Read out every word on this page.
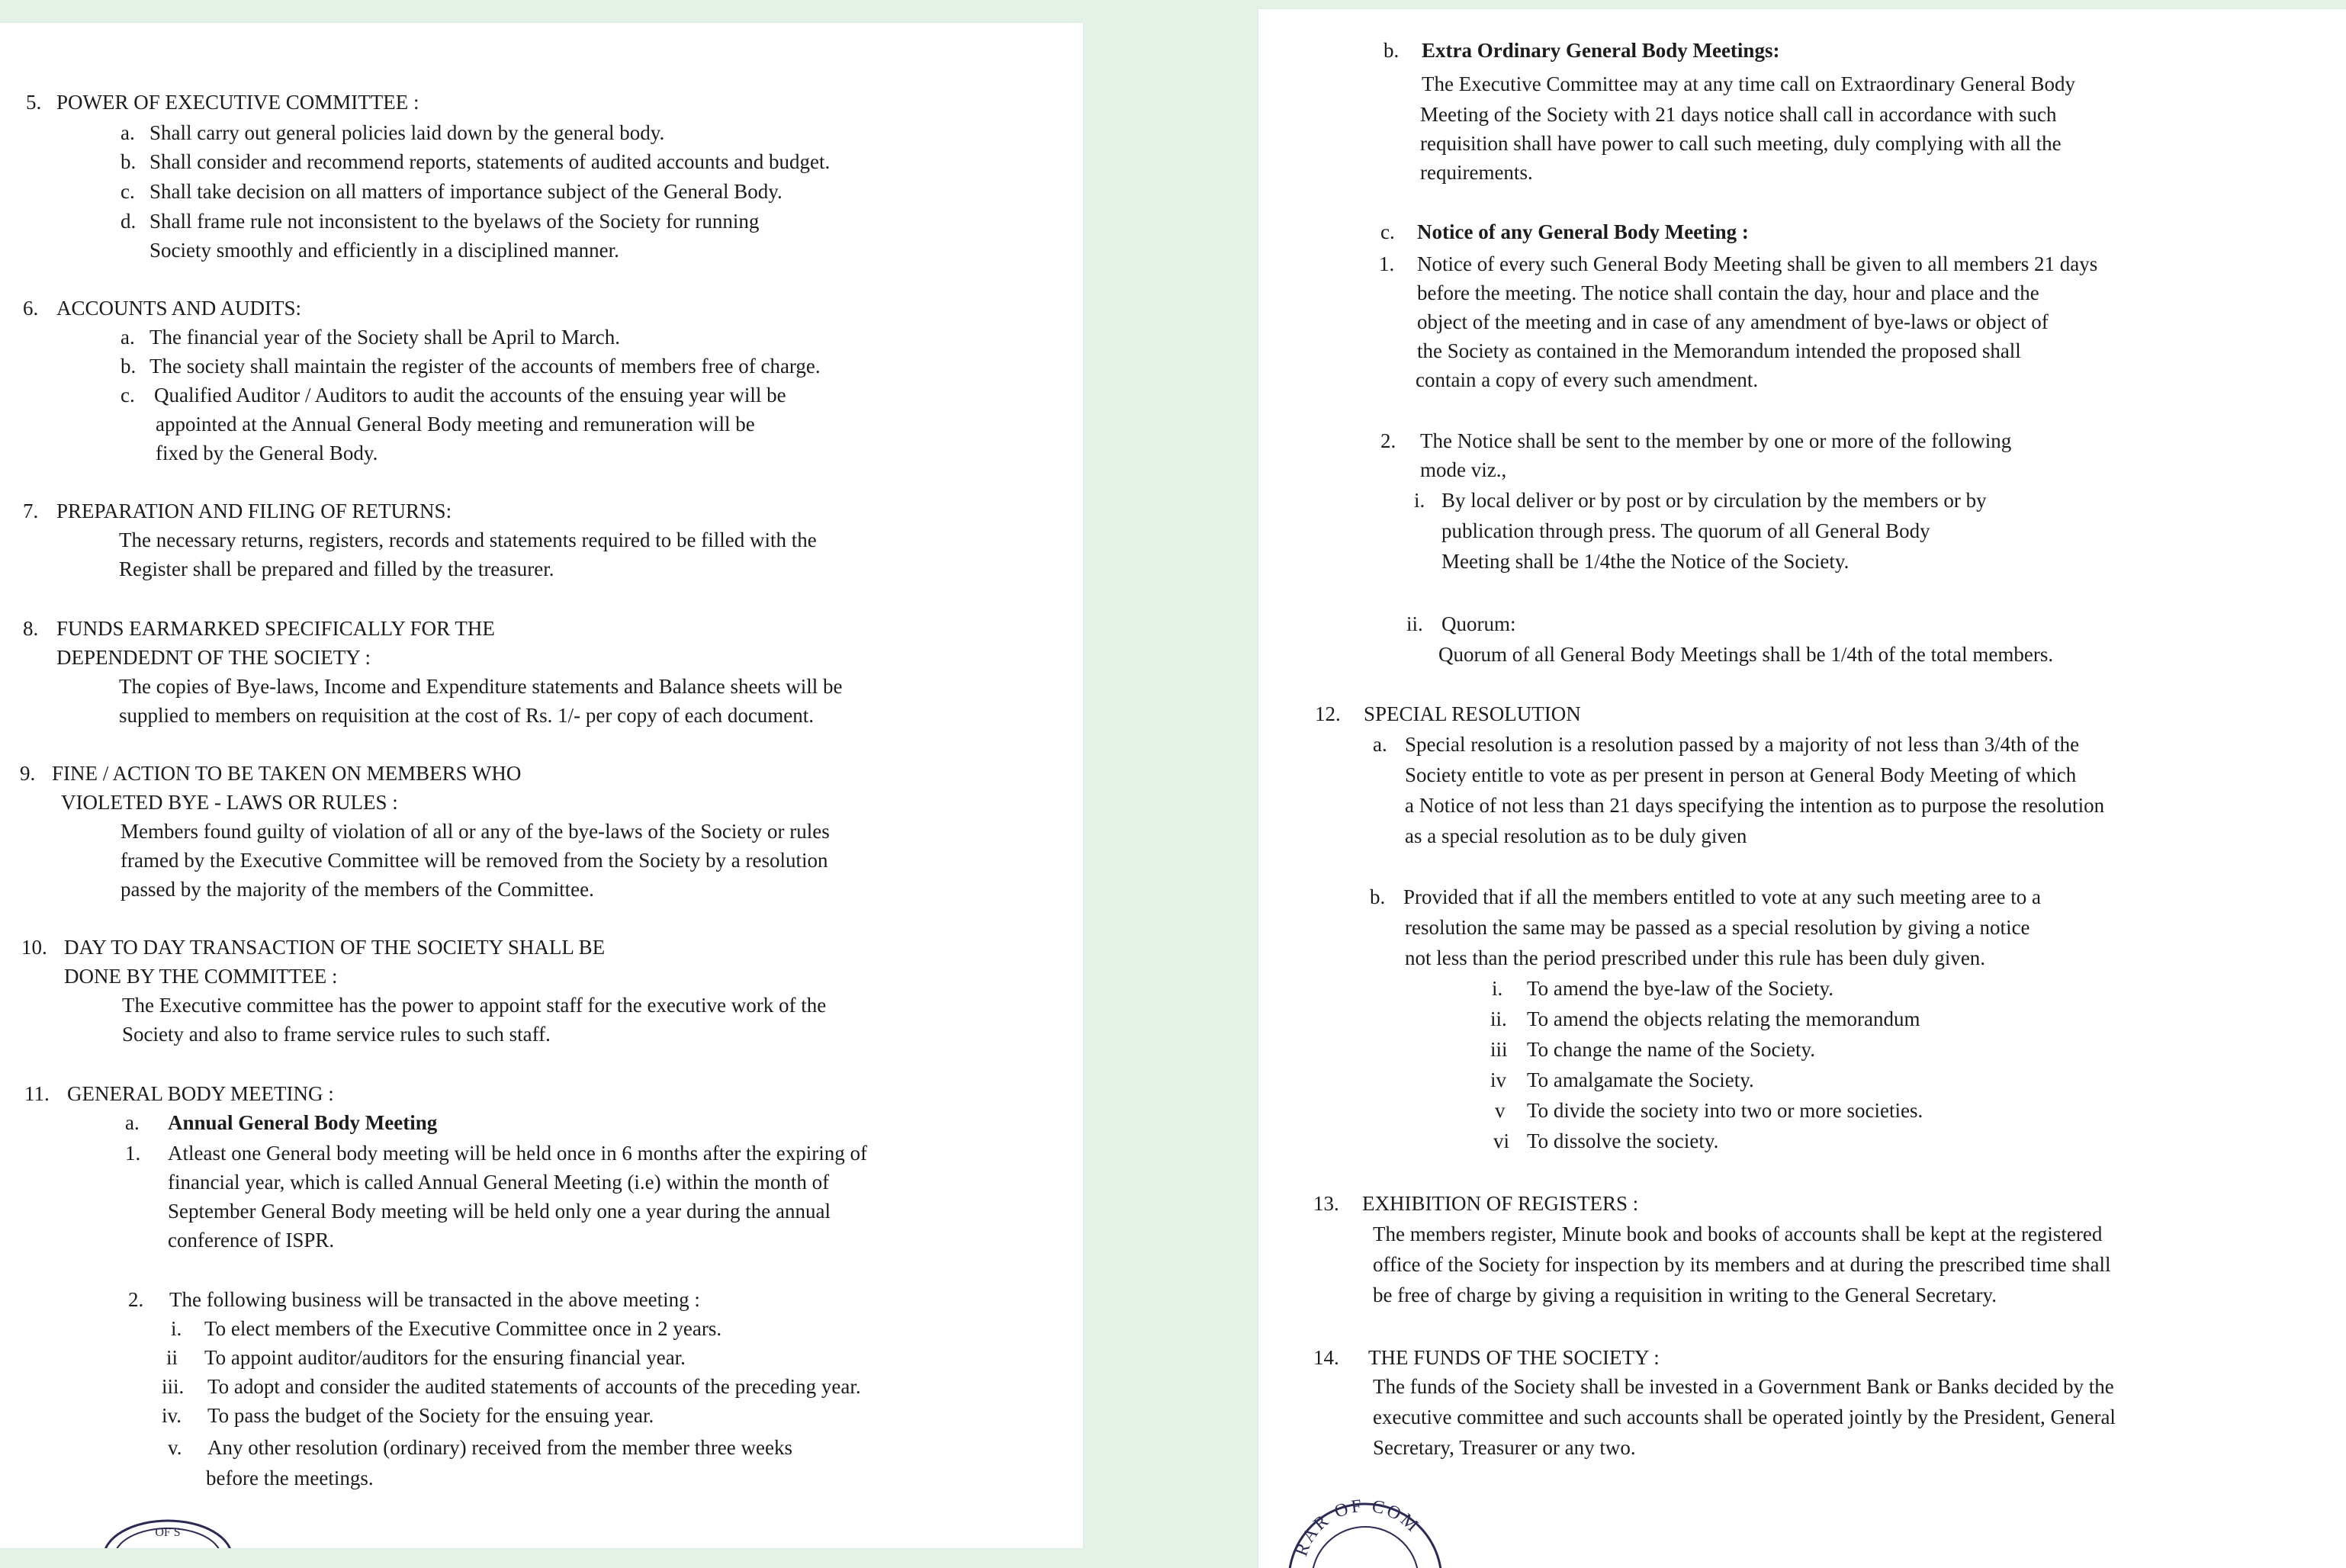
5. POWER OF EXECUTIVE COMMITTEE :
a. Shall carry out general policies laid down by the general body.
b. Shall consider and recommend reports, statements of audited accounts and budget.
c. Shall take decision on all matters of importance subject of the General Body.
d. Shall frame rule not inconsistent to the byelaws of the Society for running
Society smoothly and efficiently in a disciplined manner.
6. ACCOUNTS AND AUDITS:
a. The financial year of the Society shall be April to March.
b. The society shall maintain the register of the accounts of members free of charge.
c. Qualified Auditor / Auditors to audit the accounts of the ensuing year will be
appointed at the Annual General Body meeting and remuneration will be
fixed by the General Body.
7. PREPARATION AND FILING OF RETURNS:
The necessary returns, registers, records and statements required to be filled with the
Register shall be prepared and filled by the treasurer.
8. FUNDS EARMARKED SPECIFICALLY FOR THE
DEPENDEDNT OF THE SOCIETY :
The copies of Bye-laws, Income and Expenditure statements and Balance sheets will be
supplied to members on requisition at the cost of Rs. 1/- per copy of each document.
9. FINE / ACTION TO BE TAKEN ON MEMBERS WHO
VIOLETED BYE - LAWS OR RULES :
Members found guilty of violation of all or any of the bye-laws of the Society or rules
framed by the Executive Committee will be removed from the Society by a resolution
passed by the majority of the members of the Committee.
10. DAY TO DAY TRANSACTION OF THE SOCIETY SHALL BE
DONE BY THE COMMITTEE :
The Executive committee has the power to appoint staff for the executive work of the
Society and also to frame service rules to such staff.
11. GENERAL BODY MEETING :
a. Annual General Body Meeting
1. Atleast one General body meeting will be held once in 6 months after the expiring of
financial year, which is called Annual General Meeting (i.e) within the month of
September General Body meeting will be held only one a year during the annual
conference of ISPR.
2. The following business will be transacted in the above meeting :
i. To elect members of the Executive Committee once in 2 years.
ii To appoint auditor/auditors for the ensuring financial year.
iii. To adopt and consider the audited statements of accounts of the preceding year.
iv. To pass the budget of the Society for the ensuing year.
v. Any other resolution (ordinary) received from the member three weeks
before the meetings.
OF S
b. Extra Ordinary General Body Meetings:
The Executive Committee may at any time call on Extraordinary General Body
Meeting of the Society with 21 days notice shall call in accordance with such
requisition shall have power to call such meeting, duly complying with all the
requirements.
c. Notice of any General Body Meeting :
1. Notice of every such General Body Meeting shall be given to all members 21 days
before the meeting. The notice shall contain the day, hour and place and the
object of the meeting and in case of any amendment of bye-laws or object of
the Society as contained in the Memorandum intended the proposed shall
contain a copy of every such amendment.
2. The Notice shall be sent to the member by one or more of the following
mode viz.,
i. By local deliver or by post or by circulation by the members or by
publication through press. The quorum of all General Body
Meeting shall be 1/4the the Notice of the Society.
ii. Quorum:
Quorum of all General Body Meetings shall be 1/4th of the total members.
12. SPECIAL RESOLUTION
a. Special resolution is a resolution passed by a majority of not less than 3/4th of the
Society entitle to vote as per present in person at General Body Meeting of which
a Notice of not less than 21 days specifying the intention as to purpose the resolution
as a special resolution as to be duly given
b. Provided that if all the members entitled to vote at any such meeting aree to a
resolution the same may be passed as a special resolution by giving a notice
not less than the period prescribed under this rule has been duly given.
i. To amend the bye-law of the Society.
ii. To amend the objects relating the memorandum
iii To change the name of the Society.
iv To amalgamate the Society.
v To divide the society into two or more societies.
vi To dissolve the society.
13. EXHIBITION OF REGISTERS :
The members register, Minute book and books of accounts shall be kept at the registered
office of the Society for inspection by its members and at during the prescribed time shall
be free of charge by giving a requisition in writing to the General Secretary.
14. THE FUNDS OF THE SOCIETY :
The funds of the Society shall be invested in a Government Bank or Banks decided by the
executive committee and such accounts shall be operated jointly by the President, General
Secretary, Treasurer or any two.
RAR OF COM
